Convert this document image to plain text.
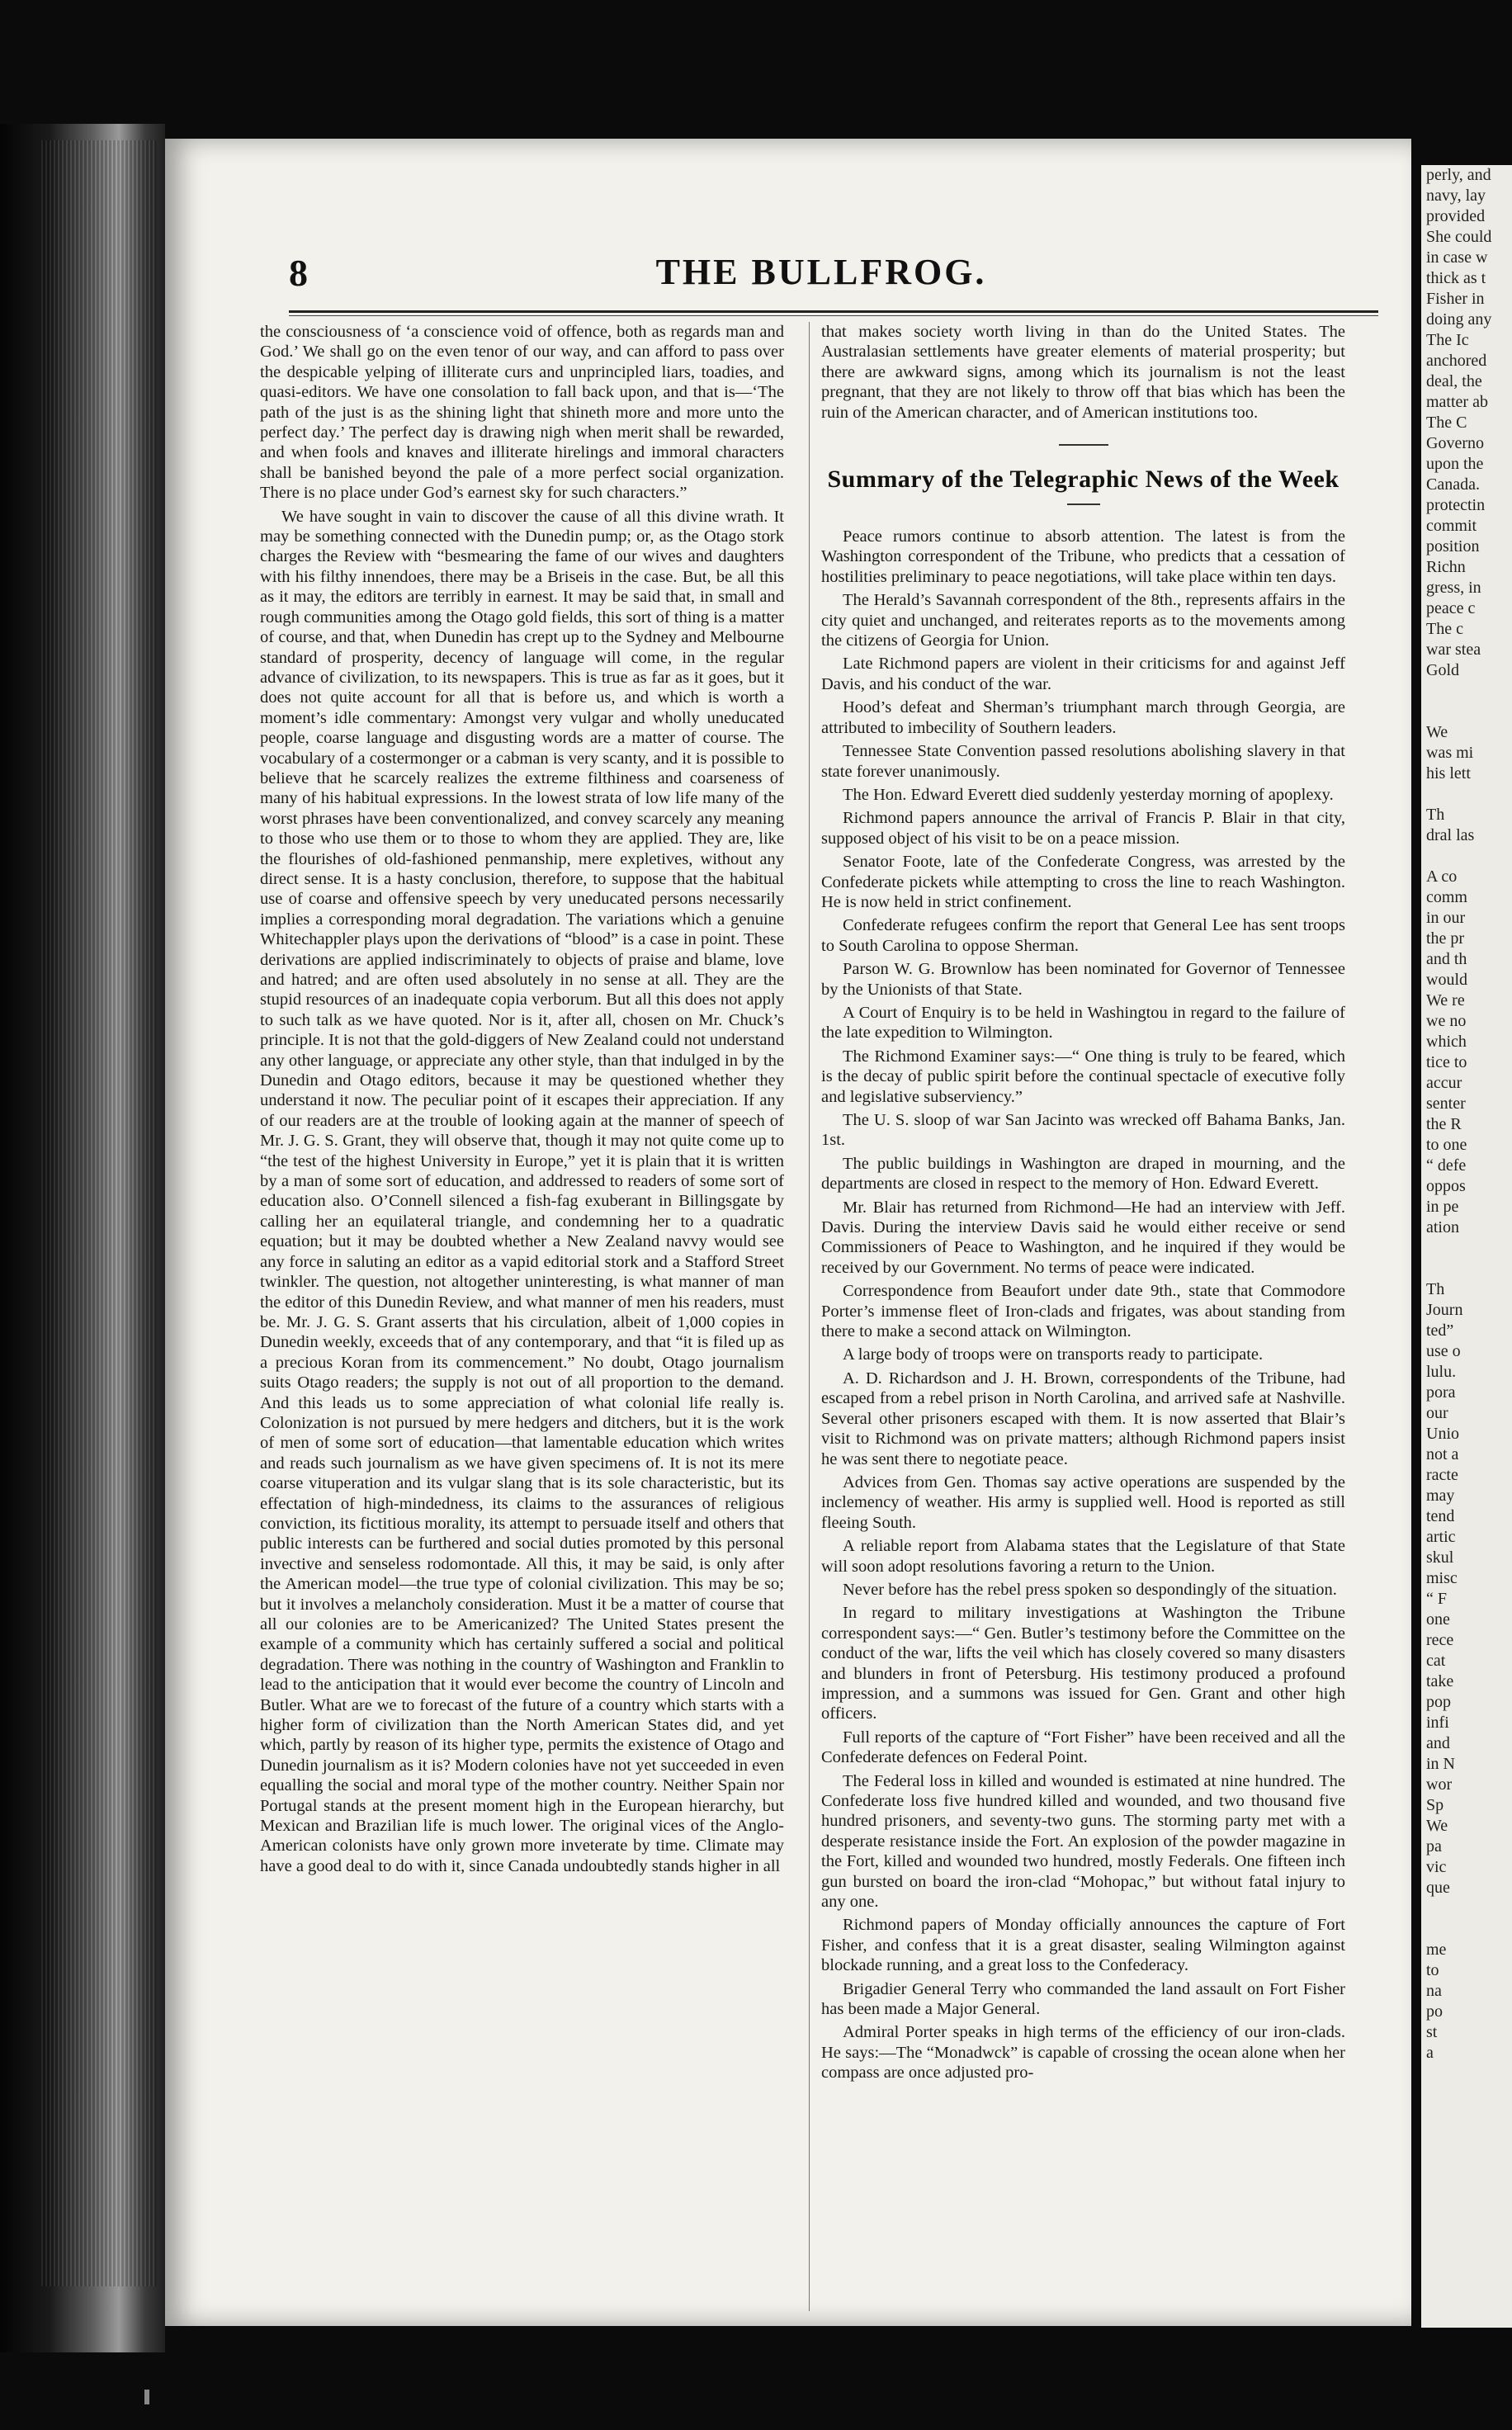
8	THE BULLFROG.

the consciousness of ‘a conscience void of offence, both as regards man and God.’ We shall go on the even tenor of our way, and can afford to pass over the despicable yelping of illiterate curs and unprincipled liars, toadies, and quasi-editors. We have one consolation to fall back upon, and that is—‘The path of the just is as the shining light that shineth more and more unto the perfect day.’ The perfect day is drawing nigh when merit shall be rewarded, and when fools and knaves and illiterate hirelings and immoral characters shall be banished beyond the pale of a more perfect social organization. There is no place under God’s earnest sky for such characters.”

We have sought in vain to discover the cause of all this divine wrath. It may be something connected with the Dunedin pump; or, as the Otago stork charges the Review with “besmearing the fame of our wives and daughters with his filthy innendoes, there may be a Briseis in the case. But, be all this as it may, the editors are terribly in earnest. It may be said that, in small and rough communities among the Otago gold fields, this sort of thing is a matter of course, and that, when Dunedin has crept up to the Sydney and Melbourne standard of prosperity, decency of language will come, in the regular advance of civilization, to its newspapers. This is true as far as it goes, but it does not quite account for all that is before us, and which is worth a moment’s idle commentary: Amongst very vulgar and wholly uneducated people, coarse language and disgusting words are a matter of course. The vocabulary of a costermonger or a cabman is very scanty, and it is possible to believe that he scarcely realizes the extreme filthiness and coarseness of many of his habitual expressions. In the lowest strata of low life many of the worst phrases have been conventionalized, and convey scarcely any meaning to those who use them or to those to whom they are applied. They are, like the flourishes of old-fashioned penmanship, mere expletives, without any direct sense. It is a hasty conclusion, therefore, to suppose that the habitual use of coarse and offensive speech by very uneducated persons necessarily implies a corresponding moral degradation. The variations which a genuine Whitechappler plays upon the derivations of “blood” is a case in point. These derivations are applied indiscriminately to objects of praise and blame, love and hatred; and are often used absolutely in no sense at all. They are the stupid resources of an inadequate copia verborum. But all this does not apply to such talk as we have quoted. Nor is it, after all, chosen on Mr. Chuck’s principle. It is not that the gold-diggers of New Zealand could not understand any other language, or appreciate any other style, than that indulged in by the Dunedin and Otago editors, because it may be questioned whether they understand it now. The peculiar point of it escapes their appreciation. If any of our readers are at the trouble of looking again at the manner of speech of Mr. J. G. S. Grant, they will observe that, though it may not quite come up to “the test of the highest University in Europe,” yet it is plain that it is written by a man of some sort of education, and addressed to readers of some sort of education also. O’Connell silenced a fish-fag exuberant in Billingsgate by calling her an equilateral triangle, and condemning her to a quadratic equation; but it may be doubted whether a New Zealand navvy would see any force in saluting an editor as a vapid editorial stork and a Stafford Street twinkler. The question, not altogether uninteresting, is what manner of man the editor of this Dunedin Review, and what manner of men his readers, must be. Mr. J. G. S. Grant asserts that his circulation, albeit of 1,000 copies in Dunedin weekly, exceeds that of any contemporary, and that “it is filed up as a precious Koran from its commencement.” No doubt, Otago journalism suits Otago readers; the supply is not out of all proportion to the demand. And this leads us to some appreciation of what colonial life really is. Colonization is not pursued by mere hedgers and ditchers, but it is the work of men of some sort of education—that lamentable education which writes and reads such journalism as we have given specimens of. It is not its mere coarse vituperation and its vulgar slang that is its sole characteristic, but its effectation of high-mindedness, its claims to the assurances of religious conviction, its fictitious morality, its attempt to persuade itself and others that public interests can be furthered and social duties promoted by this personal invective and senseless rodomontade. All this, it may be said, is only after the American model—the true type of colonial civilization. This may be so; but it involves a melancholy consideration. Must it be a matter of course that all our colonies are to be Americanized? The United States present the example of a community which has certainly suffered a social and political degradation. There was nothing in the country of Washington and Franklin to lead to the anticipation that it would ever become the country of Lincoln and Butler. What are we to forecast of the future of a country which starts with a higher form of civilization than the North American States did, and yet which, partly by reason of its higher type, permits the existence of Otago and Dunedin journalism as it is? Modern colonies have not yet succeeded in even equalling the social and moral type of the mother country. Neither Spain nor Portugal stands at the present moment high in the European hierarchy, but Mexican and Brazilian life is much lower. The original vices of the Anglo-American colonists have only grown more inveterate by time. Climate may have a good deal to do with it, since Canada undoubtedly stands higher in all

that makes society worth living in than do the United States. The Australasian settlements have greater elements of material prosperity; but there are awkward signs, among which its journalism is not the least pregnant, that they are not likely to throw off that bias which has been the ruin of the American character, and of American institutions too.

Summary of the Telegraphic News of the Week

Peace rumors continue to absorb attention. The latest is from the Washington correspondent of the Tribune, who predicts that a cessation of hostilities preliminary to peace negotiations, will take place within ten days.

The Herald’s Savannah correspondent of the 8th., represents affairs in the city quiet and unchanged, and reiterates reports as to the movements among the citizens of Georgia for Union.

Late Richmond papers are violent in their criticisms for and against Jeff Davis, and his conduct of the war.

Hood’s defeat and Sherman’s triumphant march through Georgia, are attributed to imbecility of Southern leaders.

Tennessee State Convention passed resolutions abolishing slavery in that state forever unanimously.

The Hon. Edward Everett died suddenly yesterday morning of apoplexy.

Richmond papers announce the arrival of Francis P. Blair in that city, supposed object of his visit to be on a peace mission.

Senator Foote, late of the Confederate Congress, was arrested by the Confederate pickets while attempting to cross the line to reach Washington. He is now held in strict confinement.

Confederate refugees confirm the report that General Lee has sent troops to South Carolina to oppose Sherman.

Parson W. G. Brownlow has been nominated for Governor of Tennessee by the Unionists of that State.

A Court of Enquiry is to be held in Washingtou in regard to the failure of the late expedition to Wilmington.

The Richmond Examiner says:—“ One thing is truly to be feared, which is the decay of public spirit before the continual spectacle of executive folly and legislative subserviency.”

The U. S. sloop of war San Jacinto was wrecked off Bahama Banks, Jan. 1st.

The public buildings in Washington are draped in mourning, and the departments are closed in respect to the memory of Hon. Edward Everett.

Mr. Blair has returned from Richmond—He had an interview with Jeff. Davis. During the interview Davis said he would either receive or send Commissioners of Peace to Washington, and he inquired if they would be received by our Government. No terms of peace were indicated.

Correspondence from Beaufort under date 9th., state that Commodore Porter’s immense fleet of Iron-clads and frigates, was about standing from there to make a second attack on Wilmington.

A large body of troops were on transports ready to participate.

A. D. Richardson and J. H. Brown, correspondents of the Tribune, had escaped from a rebel prison in North Carolina, and arrived safe at Nashville. Several other prisoners escaped with them. It is now asserted that Blair’s visit to Richmond was on private matters; although Richmond papers insist he was sent there to negotiate peace.

Advices from Gen. Thomas say active operations are suspended by the inclemency of weather. His army is supplied well. Hood is reported as still fleeing South.

A reliable report from Alabama states that the Legislature of that State will soon adopt resolutions favoring a return to the Union.

Never before has the rebel press spoken so despondingly of the situation.

In regard to military investigations at Washington the Tribune correspondent says:—“ Gen. Butler’s testimony before the Committee on the conduct of the war, lifts the veil which has closely covered so many disasters and blunders in front of Petersburg. His testimony produced a profound impression, and a summons was issued for Gen. Grant and other high officers.

Full reports of the capture of “Fort Fisher” have been received and all the Confederate defences on Federal Point.

The Federal loss in killed and wounded is estimated at nine hundred. The Confederate loss five hundred killed and wounded, and two thousand five hundred prisoners, and seventy-two guns. The storming party met with a desperate resistance inside the Fort. An explosion of the powder magazine in the Fort, killed and wounded two hundred, mostly Federals. One fifteen inch gun bursted on board the iron-clad “Mohopac,” but without fatal injury to any one.

Richmond papers of Monday officially announces the capture of Fort Fisher, and confess that it is a great disaster, sealing Wilmington against blockade running, and a great loss to the Confederacy.

Brigadier General Terry who commanded the land assault on Fort Fisher has been made a Major General.

Admiral Porter speaks in high terms of the efficiency of our iron-clads. He says:—The “Monadwck” is capable of crossing the ocean alone when her compass are once adjusted pro-

perly, and
navy, lay
provided
She could
in case w
thick as t
Fisher in
doing any
The Ic
anchored
deal, the
matter ab
The C
Governo
upon the
Canada.
protectin
commit
position
Richn
gress, in
peace c
The c
war stea
Gold

We
was mi
his lett

Th
dral las

A co
comm
in our
the pr
and th
would
We re
we no
which
tice to
accur
senter
the R
to one
“ defe
oppos
in pe
ation

Th
Journ
ted”
use o
lulu.
pora
our
Unio
not a
racte
may
tend
artic
skul
misc
“ F
one
rece
cat
take
pop
infi
and
in N
wor
Sp
We
pa
vic
que

me
to
na
po
st
a
